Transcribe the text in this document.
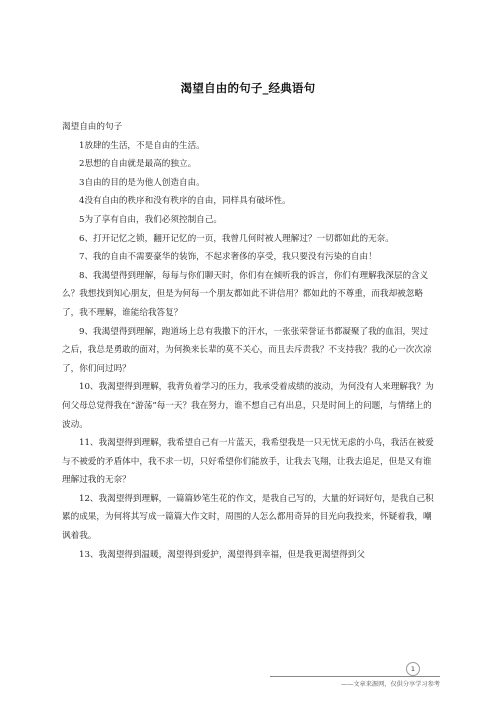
渴望自由的句子_经典语句

渴望自由的句子

1放肆的生活，不是自由的生活。

2思想的自由就是最高的独立。

3自由的目的是为他人创造自由。

4没有自由的秩序和没有秩序的自由，同样具有破坏性。

5为了享有自由，我们必须控制自己。

6、打开记忆之锁，翻开记忆的一页，我曾几何时被人理解过？一切都如此的无奈。

7、我的自由不需要豪华的装饰，不起求奢侈的享受，我只要没有污染的自由！

8、我渴望得到理解，每每与你们聊天时，你们有在倾听我的诉言，你们有理解我深层的含义么？我想找到知心朋友，但是为何每一个朋友都如此不讲信用？都如此的不尊重，而我却被忽略了，我不理解，谁能给我答复？

9、我渴望得到理解，跑道场上总有我撒下的汗水，一张张荣誉证书都凝聚了我的血泪，哭过之后，我总是勇敢的面对，为何换来长辈的莫不关心，而且去斥责我？不支持我？我的心一次次凉了，你们问过吗？

10、我渴望得到理解，我背负着学习的压力，我承受着成绩的波动，为何没有人来理解我？为何父母总觉得我在“游荡”每一天？我在努力，谁不想自己有出息，只是时间上的问题，与情绪上的波动。

11、我渴望得到理解，我希望自己有一片蓝天，我希望我是一只无忧无虑的小鸟，我活在被爱与不被爱的矛盾体中，我不求一切，只好希望你们能放手，让我去飞翔，让我去追足，但是又有谁理解过我的无奈？

12、我渴望得到理解，一篇篇妙笔生花的作文，是我自己写的，大量的好词好句，是我自己积累的成果，为何将其写成一篇篇大作文时，周围的人怎么都用奇异的目光向我投来，怀疑着我，嘲讽着我。

13、我渴望得到温暖，渴望得到爱护，渴望得到幸福，但是我更渴望得到父

1
——文章来源网，仅供分享学习参考
